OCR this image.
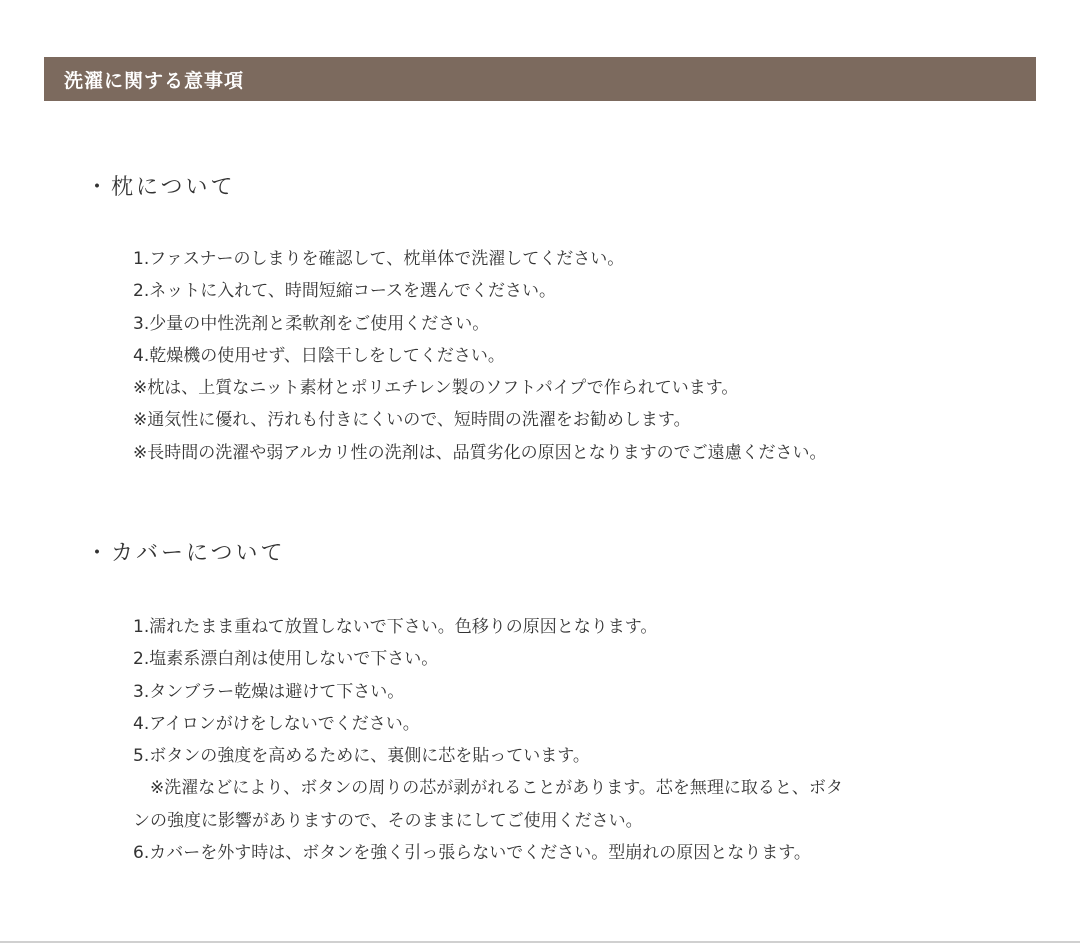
洗濯に関する意事項
・枕について
1.ファスナーのしまりを確認して、枕単体で洗濯してください。
2.ネットに入れて、時間短縮コースを選んでください。
3.少量の中性洗剤と柔軟剤をご使用ください。
4.乾燥機の使用せず、日陰干しをしてください。
※枕は、上質なニット素材とポリエチレン製のソフトパイプで作られています。
※通気性に優れ、汚れも付きにくいので、短時間の洗濯をお勧めします。
※長時間の洗濯や弱アルカリ性の洗剤は、品質劣化の原因となりますのでご遠慮ください。
・カバーについて
1.濡れたまま重ねて放置しないで下さい。色移りの原因となります。
2.塩素系漂白剤は使用しないで下さい。
3.タンブラー乾燥は避けて下さい。
4.アイロンがけをしないでください。
5.ボタンの強度を高めるために、裏側に芯を貼っています。
※洗濯などにより、ボタンの周りの芯が剥がれることがあります。芯を無理に取ると、ボタ
ンの強度に影響がありますので、そのままにしてご使用ください。
6.カバーを外す時は、ボタンを強く引っ張らないでください。型崩れの原因となります。
